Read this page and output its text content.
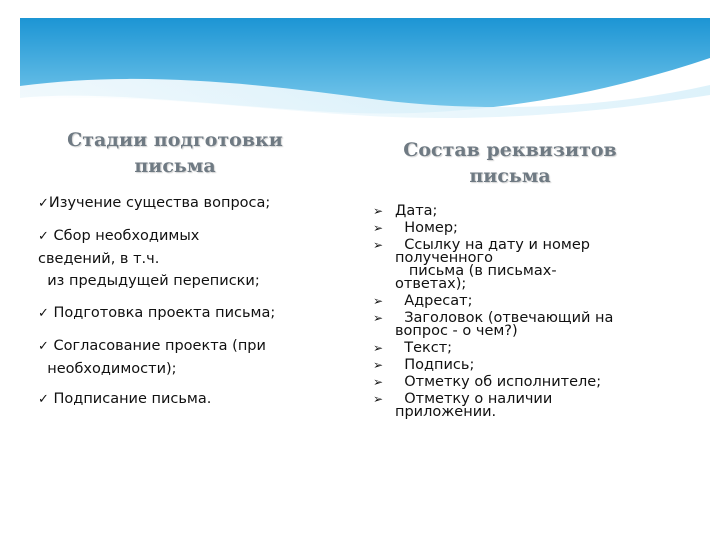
Стадии подготовки
письма
✓Изучение существа вопроса;
✓ Сбор необходимых
сведений, в т.ч.
из предыдущей переписки;
✓ Подготовка проекта письма;
✓ Согласование проекта (при
необходимости);
✓ Подписание письма.
Состав реквизитов
письма
➢ Дата;
➢ Номер;
➢ Ссылку на дату и номер
полученного
письма (в письмах-
ответах);
➢ Адресат;
➢ Заголовок (отвечающий на
вопрос - о чем?)
➢ Текст;
➢ Подпись;
➢ Отметку об исполнителе;
➢ Отметку о наличии
приложении.
